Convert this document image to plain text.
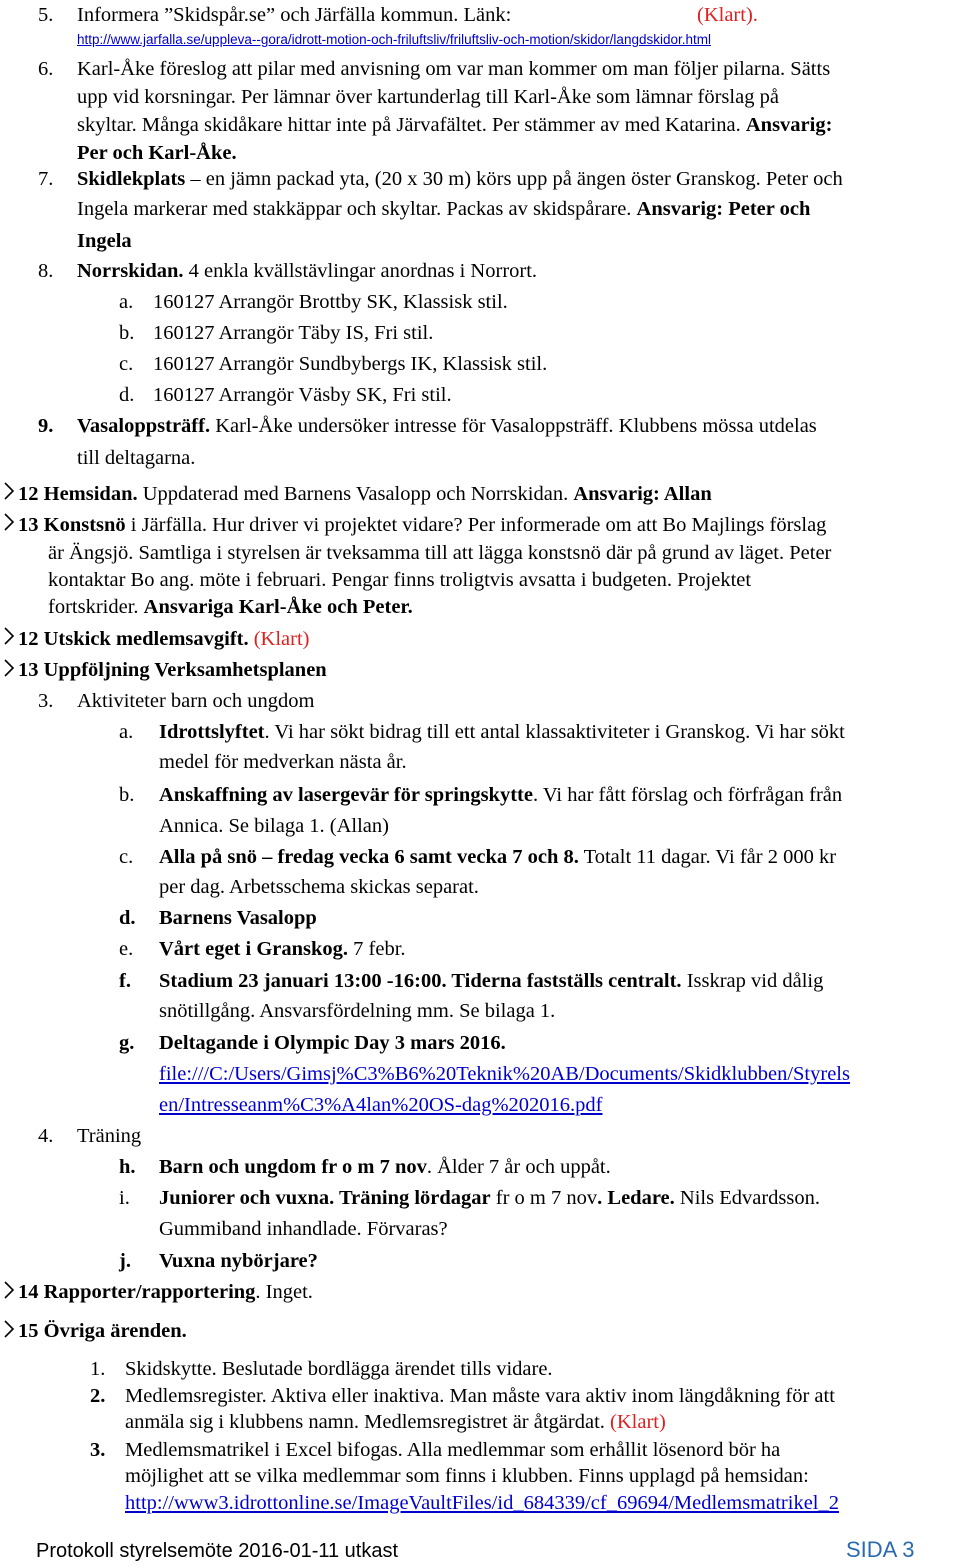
5. Informera ”Skidspår.se” och Järfälla kommun. Länk:	(Klart).
http://www.jarfalla.se/uppleva--gora/idrott-motion-och-friluftsliv/friluftsliv-och-motion/skidor/langdskidor.html
6. Karl-Åke föreslog att pilar med anvisning om var man kommer om man följer pilarna. Sätts
upp vid korsningar. Per lämnar över kartunderlag till Karl-Åke som lämnar förslag på
skyltar. Många skidåkare hittar inte på Järvafältet. Per stämmer av med Katarina. Ansvarig:
Per och Karl-Åke.
7. Skidlekplats – en jämn packad yta, (20 x 30 m) körs upp på ängen öster Granskog. Peter och
Ingela markerar med stakkäppar och skyltar. Packas av skidspårare. Ansvarig: Peter och
Ingela
8. Norrskidan. 4 enkla kvällstävlingar anordnas i Norrort.
a. 160127 Arrangör Brottby SK, Klassisk stil.
b. 160127 Arrangör Täby IS, Fri stil.
c. 160127 Arrangör Sundbybergs IK, Klassisk stil.
d. 160127 Arrangör Väsby SK, Fri stil.
9. Vasaloppsträff. Karl-Åke undersöker intresse för Vasaloppsträff. Klubbens mössa utdelas
till deltagarna.
12 Hemsidan. Uppdaterad med Barnens Vasalopp och Norrskidan. Ansvarig: Allan
13 Konstsnö i Järfälla. Hur driver vi projektet vidare? Per informerade om att Bo Majlings förslag
är Ängsjö. Samtliga i styrelsen är tveksamma till att lägga konstsnö där på grund av läget. Peter
kontaktar Bo ang. möte i februari. Pengar finns troligtvis avsatta i budgeten. Projektet
fortskrider. Ansvariga Karl-Åke och Peter.
12 Utskick medlemsavgift. (Klart)
13 Uppföljning Verksamhetsplanen
3. Aktiviteter barn och ungdom
a. Idrottslyftet. Vi har sökt bidrag till ett antal klassaktiviteter i Granskog. Vi har sökt
medel för medverkan nästa år.
b. Anskaffning av lasergevär för springskytte. Vi har fått förslag och förfrågan från
Annica. Se bilaga 1. (Allan)
c. Alla på snö – fredag vecka 6 samt vecka 7 och 8. Totalt 11 dagar. Vi får 2 000 kr
per dag. Arbetsschema skickas separat.
d. Barnens Vasalopp
e. Vårt eget i Granskog. 7 febr.
f. Stadium 23 januari 13:00 -16:00. Tiderna fastställs centralt. Isskrap vid dålig
snötillgång. Ansvarsfördelning mm. Se bilaga 1.
g. Deltagande i Olympic Day 3 mars 2016.
file:///C:/Users/Gimsj%C3%B6%20Teknik%20AB/Documents/Skidklubben/Styrels
en/Intresseanm%C3%A4lan%20OS-dag%202016.pdf
4. Träning
h. Barn och ungdom fr o m 7 nov. Ålder 7 år och uppåt.
i. Juniorer och vuxna. Träning lördagar fr o m 7 nov. Ledare. Nils Edvardsson.
Gummiband inhandlade. Förvaras?
j. Vuxna nybörjare?
14 Rapporter/rapportering. Inget.
15 Övriga ärenden.
1. Skidskytte. Beslutade bordlägga ärendet tills vidare.
2. Medlemsregister. Aktiva eller inaktiva. Man måste vara aktiv inom längdåkning för att
anmäla sig i klubbens namn. Medlemsregistret är åtgärdat. (Klart)
3. Medlemsmatrikel i Excel bifogas. Alla medlemmar som erhållit lösenord bör ha
möjlighet att se vilka medlemmar som finns i klubben. Finns upplagd på hemsidan:
http://www3.idrottonline.se/ImageVaultFiles/id_684339/cf_69694/Medlemsmatrikel_2
Protokoll styrelsemöte 2016-01-11 utkast	SIDA 3
